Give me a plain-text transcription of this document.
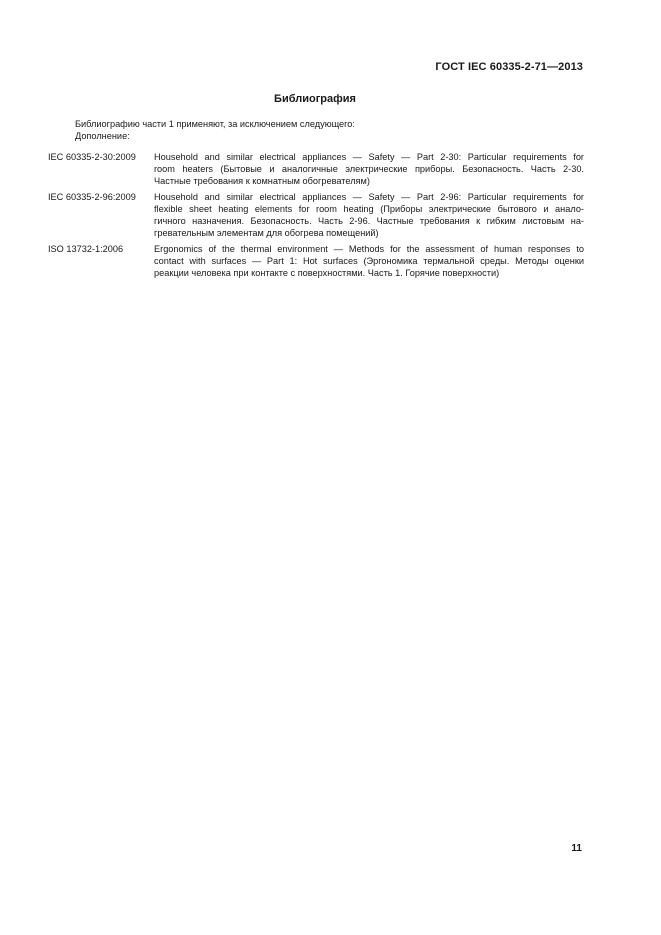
ГОСТ IEC 60335-2-71—2013
Библиография
Библиографию части 1 применяют, за исключением следующего:
Дополнение:
IEC 60335-2-30:2009	Household and similar electrical appliances — Safety — Part 2-30: Particular requirements for
room heaters (Бытовые и аналогичные электрические приборы. Безопасность. Часть 2-30.
Частные требования к комнатным обогревателям)
IEC 60335-2-96:2009	Household and similar electrical appliances — Safety — Part 2-96: Particular requirements for
flexible sheet heating elements for room heating (Приборы электрические бытового и анало-
гичного назначения. Безопасность. Часть 2-96. Частные требования к гибким листовым на-
гревательным элементам для обогрева помещений)
ISO 13732-1:2006	Ergonomics of the thermal environment — Methods for the assessment of human responses to
contact with surfaces — Part 1: Hot surfaces (Эргономика термальной среды. Методы оценки
реакции человека при контакте с поверхностями. Часть 1. Горячие поверхности)
11
